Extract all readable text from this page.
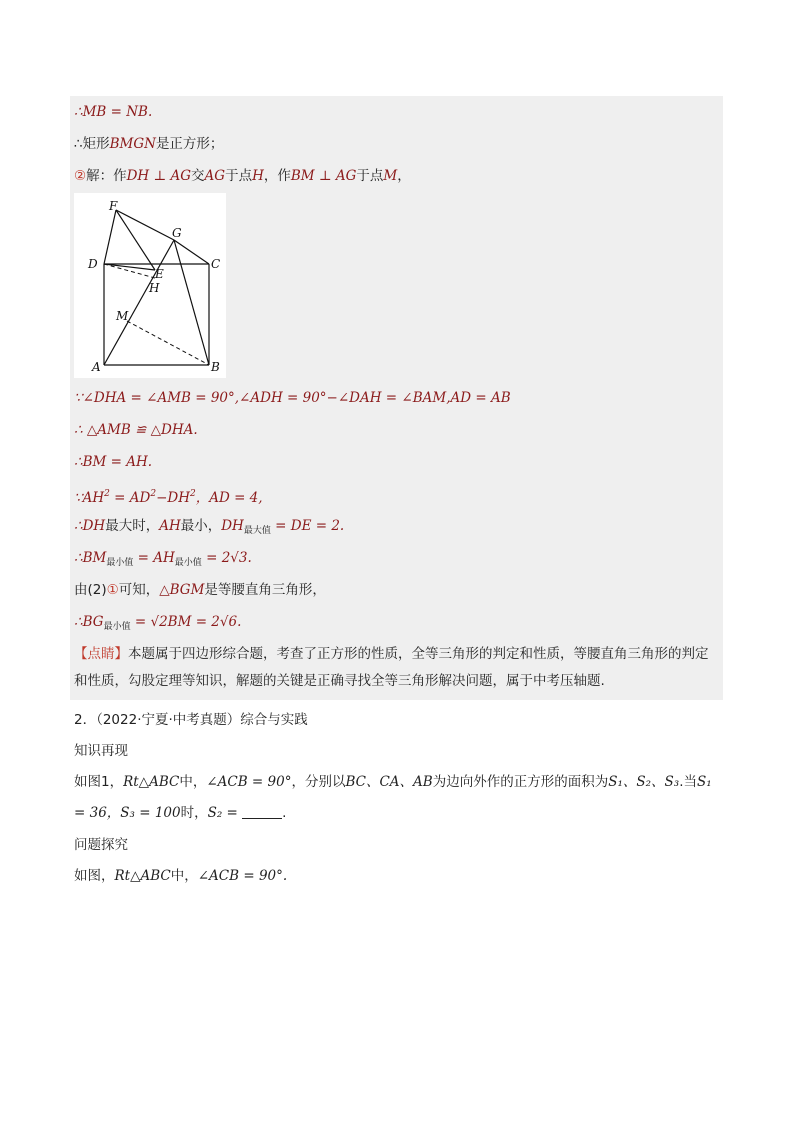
∴MB = NB.
∴矩形BMGN是正方形；
②解：作DH ⊥ AG交AG于点H，作BM ⊥ AG于点M，
F
G
D
E
C
H
M
A	B
∵∠DHA = ∠AMB = 90°,∠ADH = 90°−∠DAH = ∠BAM,AD = AB
∴ △AMB ≌ △DHA.
∴BM = AH.
$\because AH^2 = AD^2-DH^2$，AD = 4,
∴DH最大时，AH最小，$DH_{最大值}$ = DE = 2.
$\therefore BM_{最小值} = AH_{最小值} = 2√3$.
由(2)①可知，△BGM是等腰直角三角形，
$\therefore BG_{最小值} = √2BM = 2√6$.
【点睛】本题属于四边形综合题，考查了正方形的性质，全等三角形的判定和性质，等腰直角三角形的判定和性质，勾股定理等知识，解题的关键是正确寻找全等三角形解决问题，属于中考压轴题.
2．（2022·宁夏·中考真题）综合与实践
知识再现
如图1，Rt△ABC中，∠ACB = 90°，分别以BC、CA、AB为边向外作的正方形的面积为S₁、S₂、S₃.当S₁
= 36，S₃ = 100时，S₂ =	.
问题探究
如图，Rt△ABC中，∠ACB = 90°.
